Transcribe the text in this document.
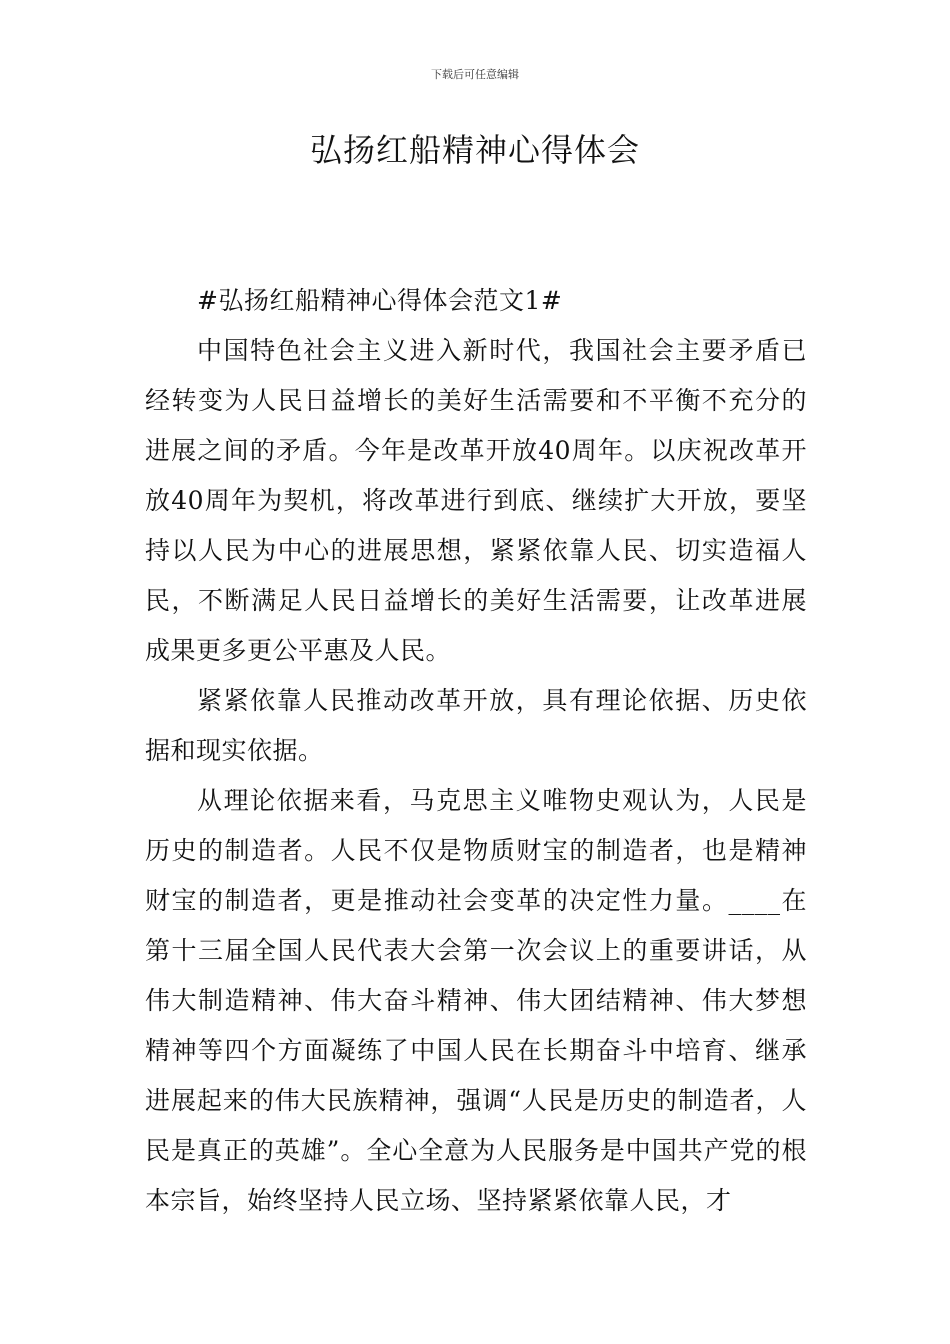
下载后可任意编辑
弘扬红船精神心得体会

#弘扬红船精神心得体会范文1#

中国特色社会主义进入新时代，我国社会主要矛盾已经转变为人民日益增长的美好生活需要和不平衡不充分的进展之间的矛盾。今年是改革开放40周年。以庆祝改革开放40周年为契机，将改革进行到底、继续扩大开放，要坚持以人民为中心的进展思想，紧紧依靠人民、切实造福人民，不断满足人民日益增长的美好生活需要，让改革进展成果更多更公平惠及人民。

紧紧依靠人民推动改革开放，具有理论依据、历史依据和现实依据。

从理论依据来看，马克思主义唯物史观认为，人民是历史的制造者。人民不仅是物质财宝的制造者，也是精神财宝的制造者，更是推动社会变革的决定性力量。____在第十三届全国人民代表大会第一次会议上的重要讲话，从伟大制造精神、伟大奋斗精神、伟大团结精神、伟大梦想精神等四个方面凝练了中国人民在长期奋斗中培育、继承进展起来的伟大民族精神，强调“人民是历史的制造者，人民是真正的英雄”。全心全意为人民服务是中国共产党的根本宗旨，始终坚持人民立场、坚持紧紧依靠人民，才
